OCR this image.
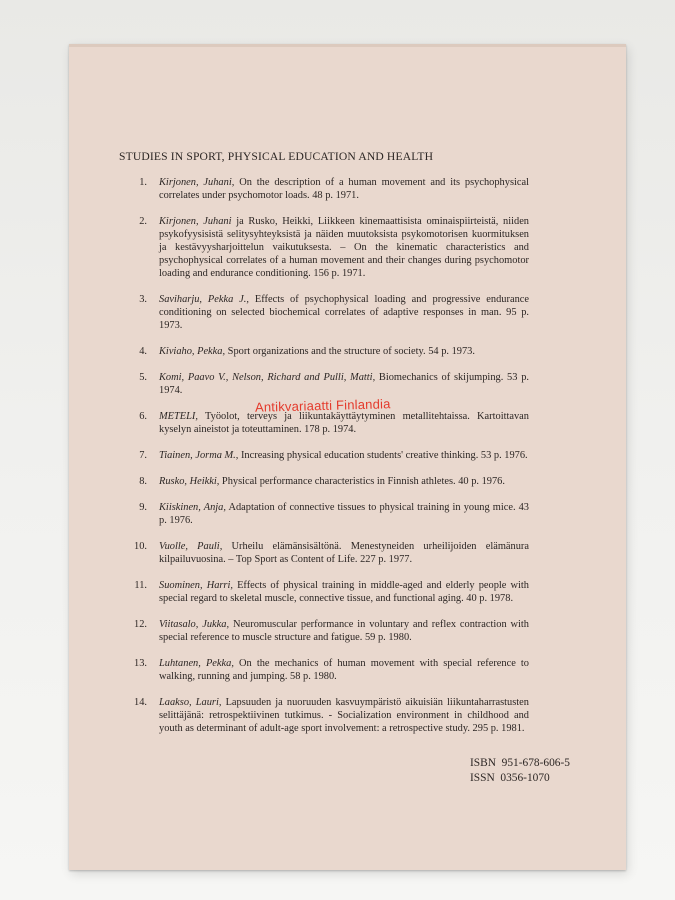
STUDIES IN SPORT, PHYSICAL EDUCATION AND HEALTH
1. Kirjonen, Juhani, On the description of a human movement and its psychophysical correlates under psychomotor loads. 48 p. 1971.
2. Kirjonen, Juhani ja Rusko, Heikki, Liikkeen kinemaattisista ominaispiirteistä, niiden psykofyysisistä selitysyhteyksistä ja näiden muutoksista psykomotorisen kuormituksen ja kestävyysharjoittelun vaikutuksesta. – On the kinematic characteristics and psychophysical correlates of a human movement and their changes during psychomotor loading and endurance conditioning. 156 p. 1971.
3. Saviharju, Pekka J., Effects of psychophysical loading and progressive endurance conditioning on selected biochemical correlates of adaptive responses in man. 95 p. 1973.
4. Kiviaho, Pekka, Sport organizations and the structure of society. 54 p. 1973.
5. Komi, Paavo V., Nelson, Richard and Pulli, Matti, Biomechanics of skijumping. 53 p. 1974.
6. METELI, Työolot, terveys ja liikuntakäyttäytyminen metallitehtaissa. Kartoittavan kyselyn aineistot ja toteuttaminen. 178 p. 1974.
7. Tiainen, Jorma M., Increasing physical education students' creative thinking. 53 p. 1976.
8. Rusko, Heikki, Physical performance characteristics in Finnish athletes. 40 p. 1976.
9. Kiiskinen, Anja, Adaptation of connective tissues to physical training in young mice. 43 p. 1976.
10. Vuolle, Pauli, Urheilu elämänsisältönä. Menestyneiden urheilijoiden elämänura kilpailuvuosina. – Top Sport as Content of Life. 227 p. 1977.
11. Suominen, Harri, Effects of physical training in middle-aged and elderly people with special regard to skeletal muscle, connective tissue, and functional aging. 40 p. 1978.
12. Viitasalo, Jukka, Neuromuscular performance in voluntary and reflex contraction with special reference to muscle structure and fatigue. 59 p. 1980.
13. Luhtanen, Pekka, On the mechanics of human movement with special reference to walking, running and jumping. 58 p. 1980.
14. Laakso, Lauri, Lapsuuden ja nuoruuden kasvuympäristö aikuisiän liikuntaharrastusten selittäjänä: retrospektiivinen tutkimus. - Socialization environment in childhood and youth as determinant of adult-age sport involvement: a retrospective study. 295 p. 1981.
Antikvariaatti Finlandia
ISBN  951-678-606-5
ISSN  0356-1070
